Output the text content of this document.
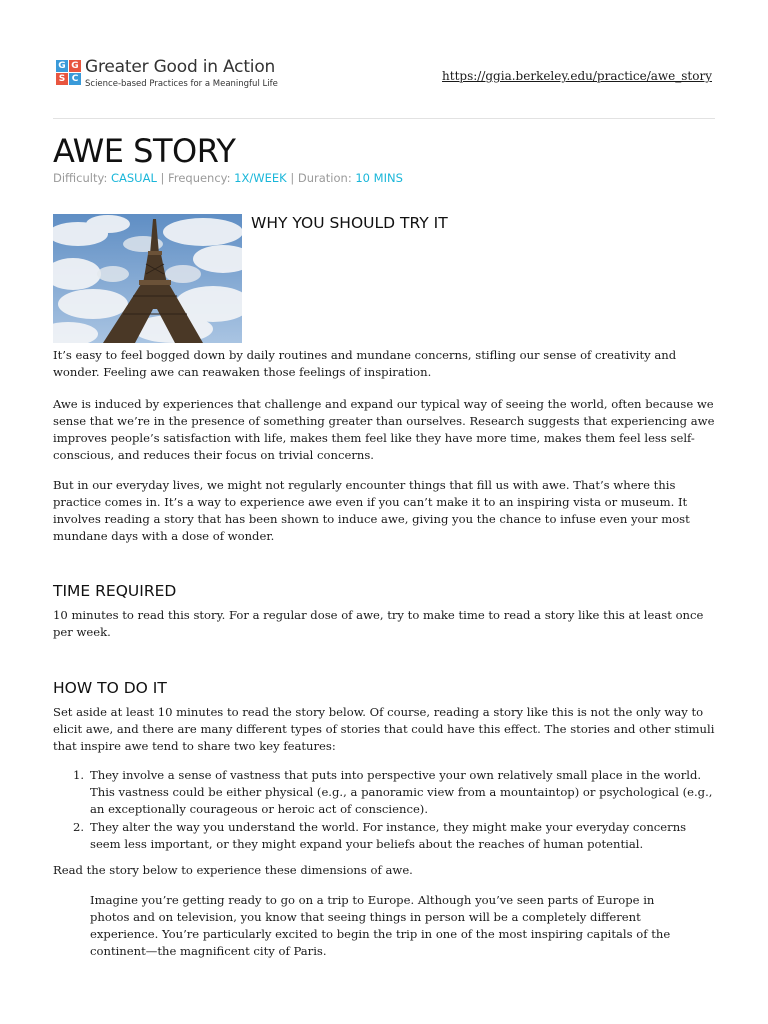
G G
S C
Greater Good in Action
Science-based Practices for a Meaningful Life
https://ggia.berkeley.edu/practice/awe_story
AWE STORY
Difficulty: CASUAL | Frequency: 1X/WEEK | Duration: 10 MINS
WHY YOU SHOULD TRY IT

It’s easy to feel bogged down by daily routines and mundane concerns, stifling our sense of creativity and wonder. Feeling awe can reawaken those feelings of inspiration.

Awe is induced by experiences that challenge and expand our typical way of seeing the world, often because we sense that we’re in the presence of something greater than ourselves. Research suggests that experiencing awe improves people’s satisfaction with life, makes them feel like they have more time, makes them feel less self-conscious, and reduces their focus on trivial concerns.

But in our everyday lives, we might not regularly encounter things that fill us with awe. That’s where this practice comes in. It’s a way to experience awe even if you can’t make it to an inspiring vista or museum. It involves reading a story that has been shown to induce awe, giving you the chance to infuse even your most mundane days with a dose of wonder.

TIME REQUIRED

10 minutes to read this story. For a regular dose of awe, try to make time to read a story like this at least once per week.

HOW TO DO IT

Set aside at least 10 minutes to read the story below. Of course, reading a story like this is not the only way to elicit awe, and there are many different types of stories that could have this effect. The stories and other stimuli that inspire awe tend to share two key features:

1. They involve a sense of vastness that puts into perspective your own relatively small place in the world. This vastness could be either physical (e.g., a panoramic view from a mountaintop) or psychological (e.g., an exceptionally courageous or heroic act of conscience).
2. They alter the way you understand the world. For instance, they might make your everyday concerns seem less important, or they might expand your beliefs about the reaches of human potential.

Read the story below to experience these dimensions of awe.

Imagine you’re getting ready to go on a trip to Europe. Although you’ve seen parts of Europe in photos and on television, you know that seeing things in person will be a completely different experience. You’re particularly excited to begin the trip in one of the most inspiring capitals of the continent—the magnificent city of Paris.
